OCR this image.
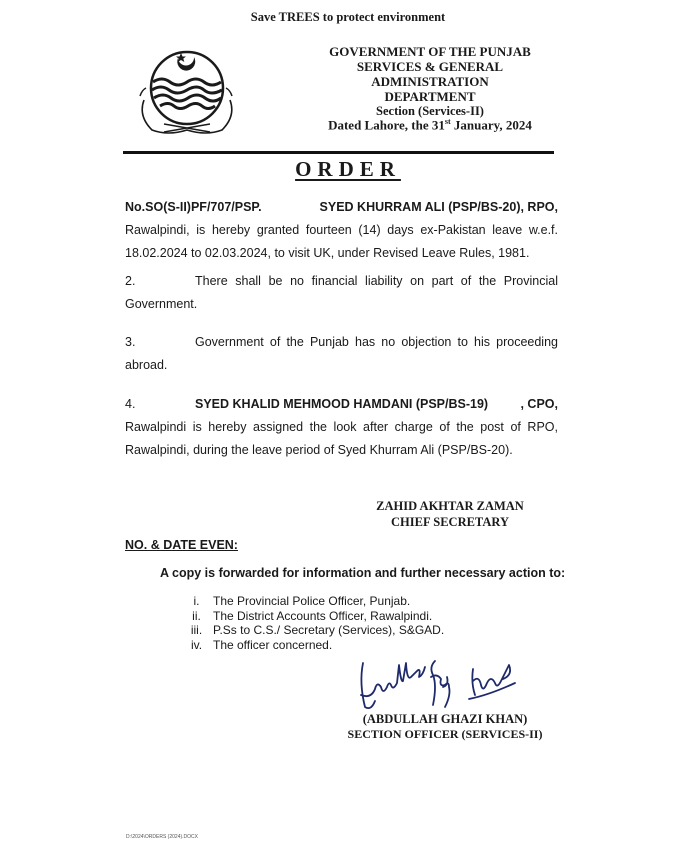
Save TREES to protect environment
GOVERNMENT OF THE PUNJAB
SERVICES & GENERAL ADMINISTRATION
DEPARTMENT
Section (Services-II)
Dated Lahore, the 31st January, 2024
ORDER
No.SO(S-II)PF/707/PSP.	SYED KHURRAM ALI (PSP/BS-20), RPO,
Rawalpindi, is hereby granted fourteen (14) days ex-Pakistan leave w.e.f.
18.02.2024 to 02.03.2024, to visit UK, under Revised Leave Rules, 1981.
2.	There shall be no financial liability on part of the Provincial
Government.
3.	Government of the Punjab has no objection to his proceeding
abroad.
4.	SYED KHALID MEHMOOD HAMDANI (PSP/BS-19)	, CPO,
Rawalpindi is hereby assigned the look after charge of the post of RPO,
Rawalpindi, during the leave period of Syed Khurram Ali (PSP/BS-20).
ZAHID AKHTAR ZAMAN
CHIEF SECRETARY
NO. & DATE EVEN:
A copy is forwarded for information and further necessary action to:
i.	The Provincial Police Officer, Punjab.
ii.	The District Accounts Officer, Rawalpindi.
iii. P.Ss to C.S./ Secretary (Services), S&GAD.
iv. The officer concerned.
(ABDULLAH GHAZI KHAN)
SECTION OFFICER (SERVICES-II)
D:\2024\ORDERS (2024).DOCX
